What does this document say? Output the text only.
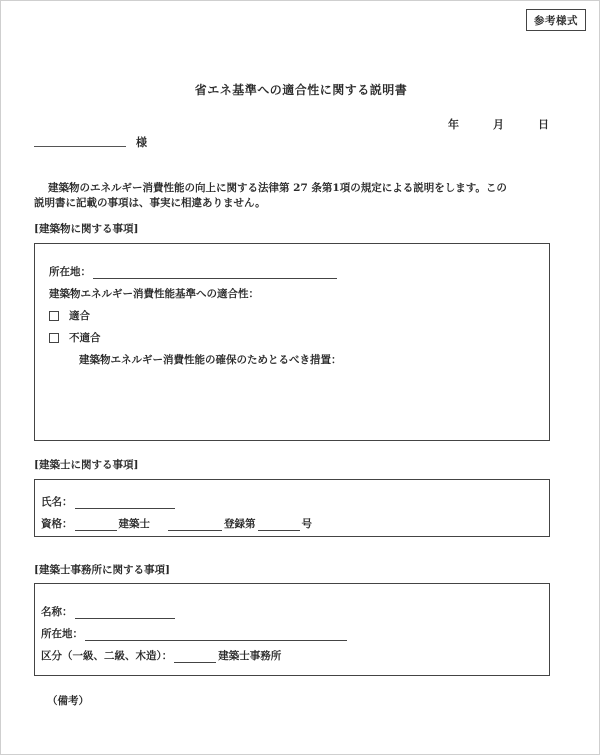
参考様式
省エネ基準への適合性に関する説明書
年	月	日
様
建築物のエネルギー消費性能の向上に関する法律第 27 条第1項の規定による説明をします。この
説明書に記載の事項は、事実に相違ありません。
[建築物に関する事項]
所在地：
建築物エネルギー消費性能基準への適合性：
適合
不適合
建築物エネルギー消費性能の確保のためとるべき措置：
[建築士に関する事項]
氏名：
資格：	建築士	登録第	号
[建築士事務所に関する事項]
名称：
所在地：
区分（一級、二級、木造）：	建築士事務所
（備考）
